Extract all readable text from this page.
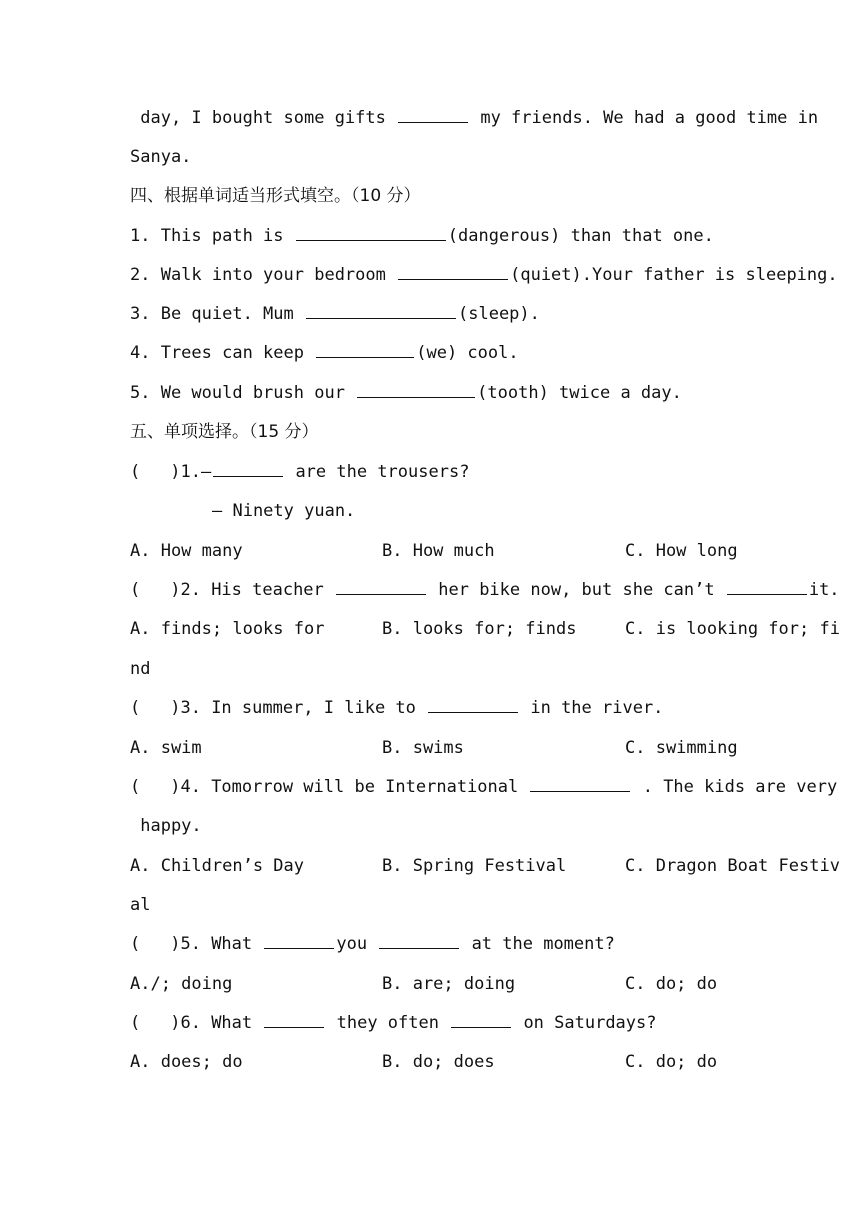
day, I bought some gifts	my friends. We had a good time in
Sanya.
四、根据单词适当形式填空。（10 分）
1. This path is	(dangerous) than that one.
2. Walk into your bedroom	(quiet).Your father is sleeping.
3. Be quiet. Mum	(sleep).
4. Trees can keep	(we) cool.
5. We would brush our	(tooth) twice a day.
五、单项选择。（15 分）
( )1.—	are the trousers?
— Ninety yuan.

A. How many

	B. How much

	C. How long

( )2. His teacher	her bike now, but she can’t	it.

A. finds; looks for

	B. looks for; finds

	C. is looking for; fi

nd
( )3. In summer, I like to	in the river.

A. swim

	B. swims

	C. swimming

( )4. Tomorrow will be International	. The kids are very
happy.

A. Children’s Day

	B. Spring Festival

	C. Dragon Boat Festiv

al
( )5. What	you	at the moment?

A./; doing

	B. are; doing

	C. do; do

( )6. What	they often	on Saturdays?

A. does; do

	B. do; does

	C. do; do
